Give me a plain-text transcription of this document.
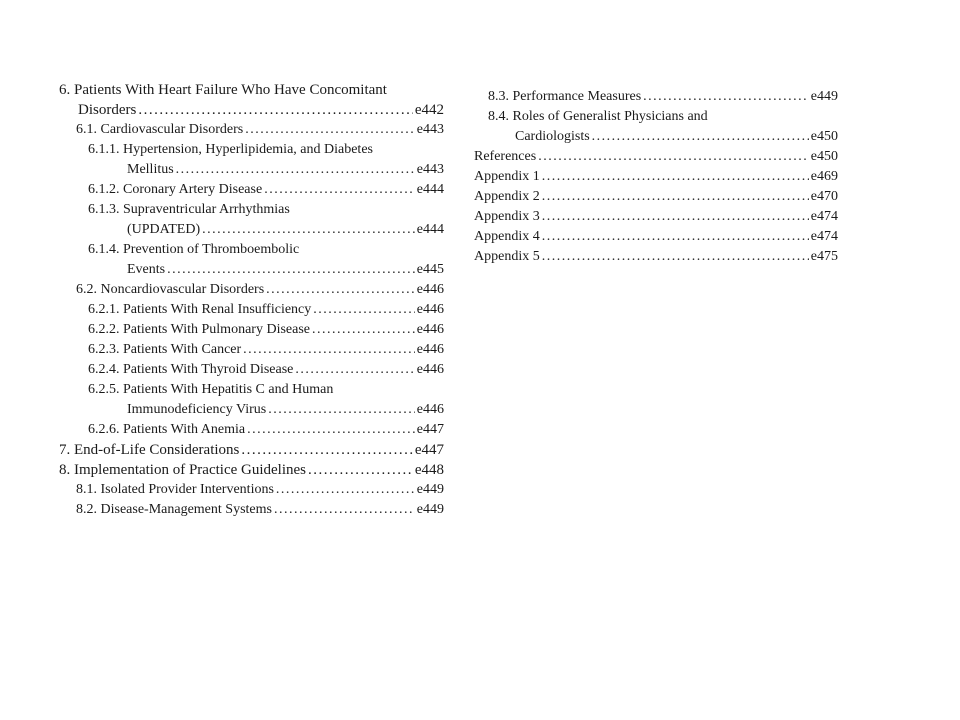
6. Patients With Heart Failure Who Have Concomitant
Disorders .....	e442
6.1. Cardiovascular Disorders .....	e443
6.1.1. Hypertension, Hyperlipidemia, and Diabetes
Mellitus .....	e443
6.1.2. Coronary Artery Disease .....	e444
6.1.3. Supraventricular Arrhythmias
(UPDATED) .....	e444
6.1.4. Prevention of Thromboembolic
Events .....	e445
6.2. Noncardiovascular Disorders .....	e446
6.2.1. Patients With Renal Insufficiency .....	e446
6.2.2. Patients With Pulmonary Disease .....	e446
6.2.3. Patients With Cancer .....	e446
6.2.4. Patients With Thyroid Disease .....	e446
6.2.5. Patients With Hepatitis C and Human
Immunodeficiency Virus .....	e446
6.2.6. Patients With Anemia .....	e447
7. End-of-Life Considerations .....	e447
8. Implementation of Practice Guidelines .....	e448
8.1. Isolated Provider Interventions .....	e449
8.2. Disease-Management Systems .....	e449
8.3. Performance Measures .....	e449
8.4. Roles of Generalist Physicians and
Cardiologists .....	e450
References .....	e450
Appendix 1 .....	e469
Appendix 2 .....	e470
Appendix 3 .....	e474
Appendix 4 .....	e474
Appendix 5 .....	e475
